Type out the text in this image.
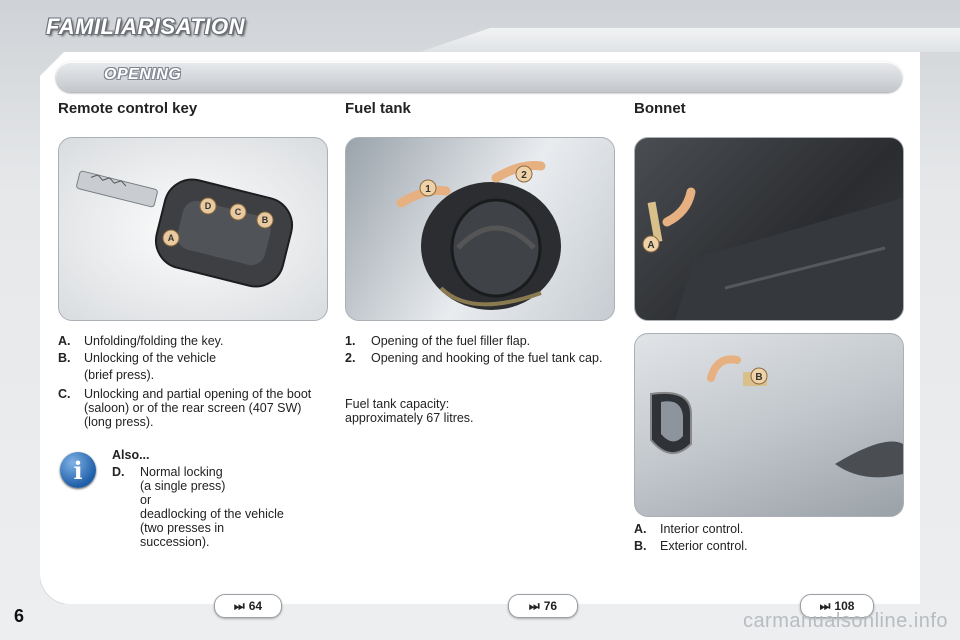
FAMILIARISATION
OPENING
Remote control key	Fuel tank	Bonnet
D
C
B
A
1
2
A
B
A.	Unfolding/folding the key.
B.	Unlocking of the vehicle
(brief press).
C.	Unlocking and partial opening of the boot (saloon) or of the rear screen (407 SW)
(long press).
i
Also...
D.	Normal locking
(a single press)
or
deadlocking of the vehicle
(two presses in
succession).
1.	Opening of the fuel filler flap.
2.	Opening and hooking of the fuel tank cap.

Fuel tank capacity:
approximately 67 litres.

A.	Interior control.
B.	Exterior control.
⏭ 64	⏭ 76	⏭ 108
6	carmanualsonline.info
